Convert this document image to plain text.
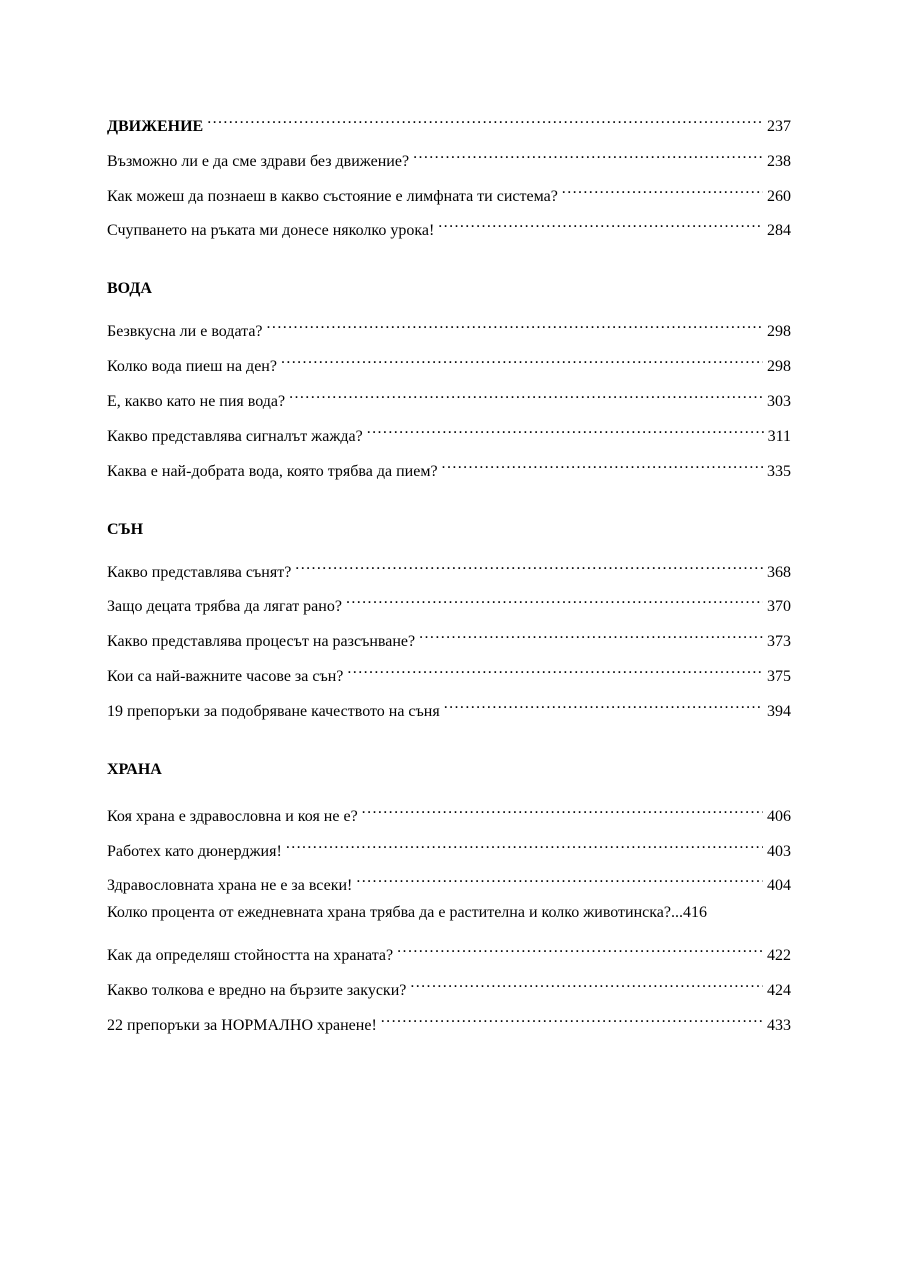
ДВИЖЕНИЕ .....	237
Възможно ли е да сме здрави без движение? .....	238
Как можеш да познаеш в какво състояние е лимфната ти система? .....	260
Счупването на ръката ми донесе няколко урока! .....	284
ВОДА
Безвкусна ли е водата? .....	298
Колко вода пиеш на ден? .....	298
Е, какво като не пия вода? .....	303
Какво представлява сигналът жажда? .....	311
Каква е най-добрата вода, която трябва да пием? .....	335
СЪН
Какво представлява сънят? .....	368
Защо децата трябва да лягат рано? .....	370
Какво представлява процесът на разсънване? .....	373
Кои са най-важните часове за сън? .....	375
19 препоръки за подобряване качеството на съня .....	394
ХРАНА
Коя храна е здравословна и коя не е? .....	406
Работех като дюнерджия! .....	403
Здравословната храна не е за всеки! .....	404
Колко процента от ежедневната храна трябва да е растителна и колко животинска?... 416
Как да определяш стойността на храната? .....	422
Какво толкова е вредно на бързите закуски? .....	424
22 препоръки за НОРМАЛНО хранене! .....	433
